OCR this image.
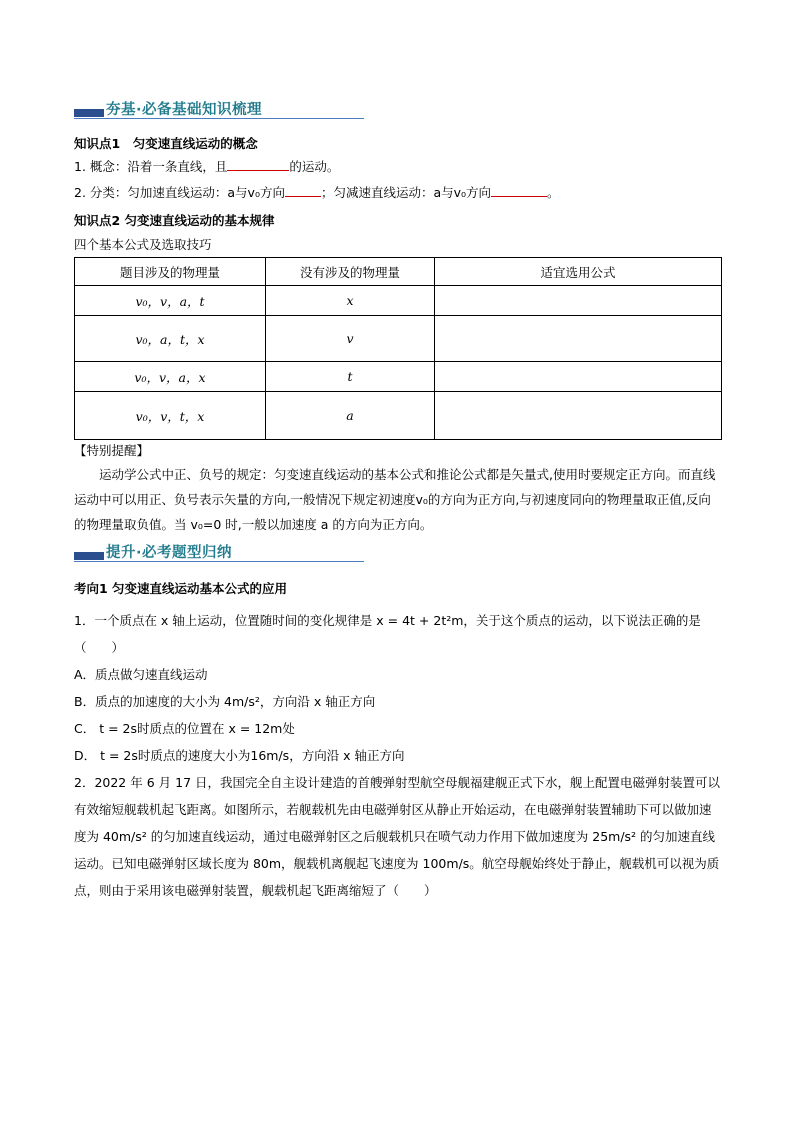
夯基·必备基础知识梳理
知识点1　匀变速直线运动的概念
1. 概念：沿着一条直线，且	的运动。
2. 分类：匀加速直线运动：a与v₀方向	；匀减速直线运动：a与v₀方向	。
知识点2 匀变速直线运动的基本规律
四个基本公式及选取技巧
题目涉及的物理量	没有涉及的物理量	适宜选用公式
v₀，v，a，t	x	
v₀，a，t，x	v	
v₀，v，a，x	t	
v₀，v，t，x	a	
【特别提醒】
运动学公式中正、负号的规定：匀变速直线运动的基本公式和推论公式都是矢量式,使用时要规定正方向。而直线运动中可以用正、负号表示矢量的方向,一般情况下规定初速度v₀的方向为正方向,与初速度同向的物理量取正值,反向的物理量取负值。当 v₀=0 时,一般以加速度 a 的方向为正方向。
提升·必考题型归纳
考向1 匀变速直线运动基本公式的应用
1．一个质点在 x 轴上运动，位置随时间的变化规律是 x = 4t + 2t²m，关于这个质点的运动，以下说法正确的是（　　）
A．质点做匀速直线运动
B．质点的加速度的大小为 4m/s²，方向沿 x 轴正方向
C． t = 2s时质点的位置在 x = 12m处
D． t = 2s时质点的速度大小为16m/s，方向沿 x 轴正方向
2．2022 年 6 月 17 日，我国完全自主设计建造的首艘弹射型航空母舰福建舰正式下水，舰上配置电磁弹射装置可以有效缩短舰载机起飞距离。如图所示，若舰载机先由电磁弹射区从静止开始运动，在电磁弹射装置辅助下可以做加速度为 40m/s² 的匀加速直线运动，通过电磁弹射区之后舰载机只在喷气动力作用下做加速度为 25m/s² 的匀加速直线运动。已知电磁弹射区域长度为 80m，舰载机离舰起飞速度为 100m/s。航空母舰始终处于静止，舰载机可以视为质点，则由于采用该电磁弹射装置，舰载机起飞距离缩短了（　　）
